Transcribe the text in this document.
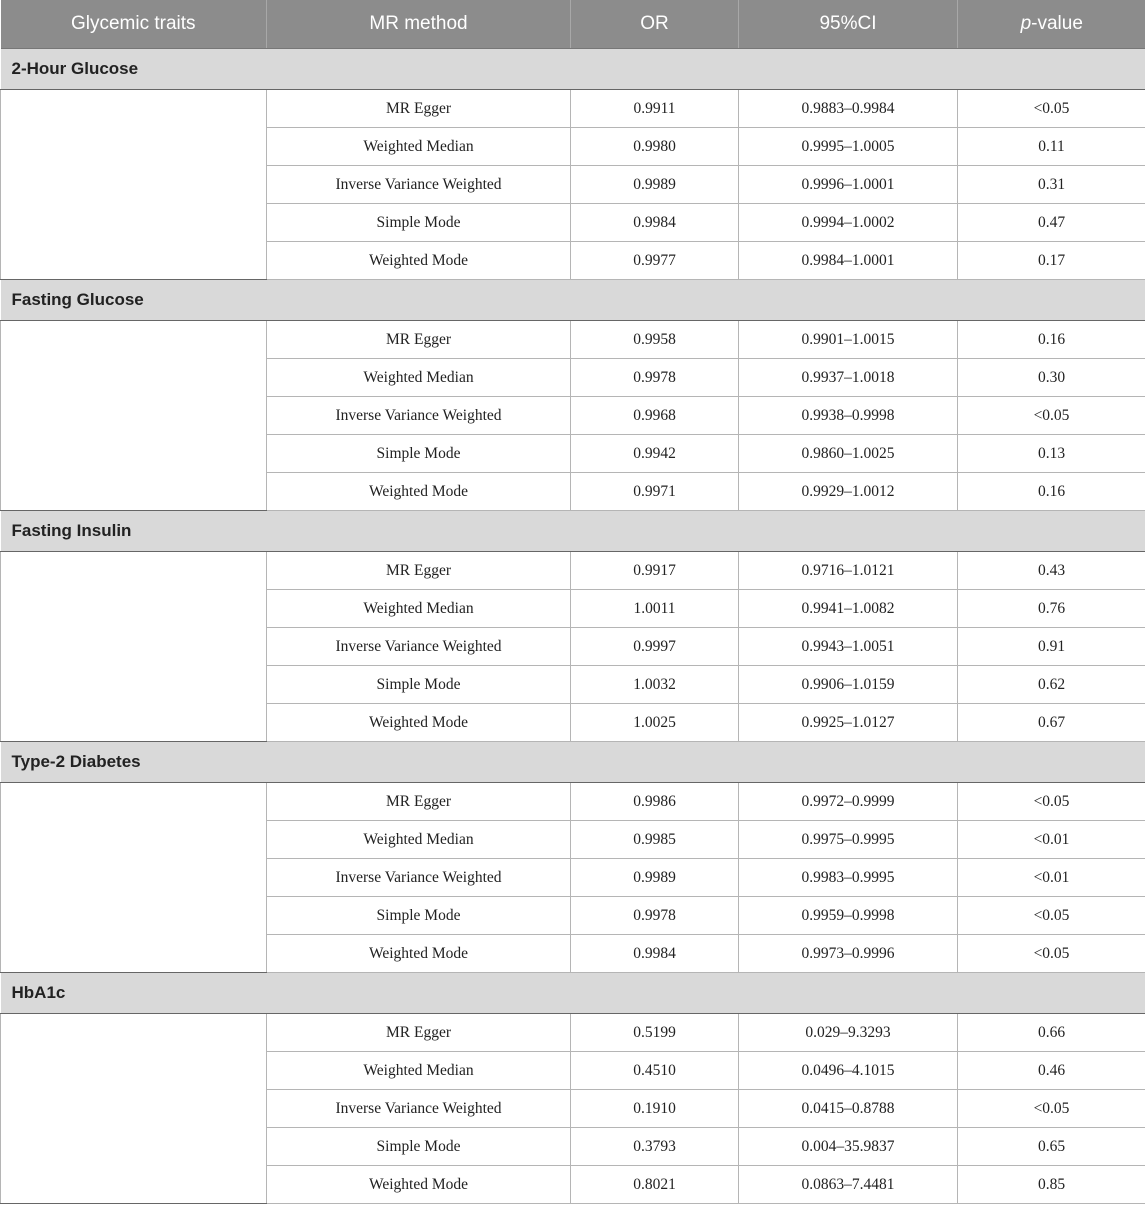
Glycemic traits	MR method	OR	95%CI	p-value
2-Hour Glucose				
	MR Egger	0.9911	0.9883–0.9984	<0.05
	Weighted Median	0.9980	0.9995–1.0005	0.11
	Inverse Variance Weighted	0.9989	0.9996–1.0001	0.31
	Simple Mode	0.9984	0.9994–1.0002	0.47
	Weighted Mode	0.9977	0.9984–1.0001	0.17
Fasting Glucose				
	MR Egger	0.9958	0.9901–1.0015	0.16
	Weighted Median	0.9978	0.9937–1.0018	0.30
	Inverse Variance Weighted	0.9968	0.9938–0.9998	<0.05
	Simple Mode	0.9942	0.9860–1.0025	0.13
	Weighted Mode	0.9971	0.9929–1.0012	0.16
Fasting Insulin				
	MR Egger	0.9917	0.9716–1.0121	0.43
	Weighted Median	1.0011	0.9941–1.0082	0.76
	Inverse Variance Weighted	0.9997	0.9943–1.0051	0.91
	Simple Mode	1.0032	0.9906–1.0159	0.62
	Weighted Mode	1.0025	0.9925–1.0127	0.67
Type-2 Diabetes				
	MR Egger	0.9986	0.9972–0.9999	<0.05
	Weighted Median	0.9985	0.9975–0.9995	<0.01
	Inverse Variance Weighted	0.9989	0.9983–0.9995	<0.01
	Simple Mode	0.9978	0.9959–0.9998	<0.05
	Weighted Mode	0.9984	0.9973–0.9996	<0.05
HbA1c				
	MR Egger	0.5199	0.029–9.3293	0.66
	Weighted Median	0.4510	0.0496–4.1015	0.46
	Inverse Variance Weighted	0.1910	0.0415–0.8788	<0.05
	Simple Mode	0.3793	0.004–35.9837	0.65
	Weighted Mode	0.8021	0.0863–7.4481	0.85
